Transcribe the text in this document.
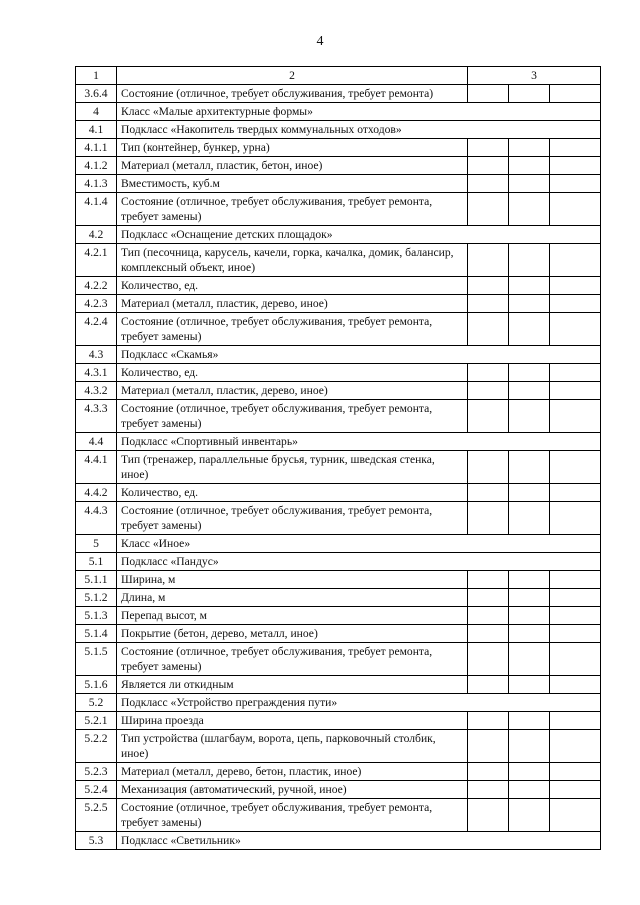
4
1	2	3		
3.6.4	Состояние (отличное, требует обслуживания, требует ремонта)			
4	Класс «Малые архитектурные формы»			
4.1	Подкласс «Накопитель твердых коммунальных отходов»			
4.1.1	Тип (контейнер, бункер, урна)			
4.1.2	Материал (металл, пластик, бетон, иное)			
4.1.3	Вместимость, куб.м			
4.1.4	Состояние (отличное, требует обслуживания, требует ремонта, требует замены)			
4.2	Подкласс «Оснащение детских площадок»			
4.2.1	Тип (песочница, карусель, качели, горка, качалка, домик, балансир, комплексный объект, иное)			
4.2.2	Количество, ед.			
4.2.3	Материал (металл, пластик, дерево, иное)			
4.2.4	Состояние (отличное, требует обслуживания, требует ремонта, требует замены)			
4.3	Подкласс «Скамья»			
4.3.1	Количество, ед.			
4.3.2	Материал (металл, пластик, дерево, иное)			
4.3.3	Состояние (отличное, требует обслуживания, требует ремонта, требует замены)			
4.4	Подкласс «Спортивный инвентарь»			
4.4.1	Тип (тренажер, параллельные брусья, турник, шведская стенка, иное)			
4.4.2	Количество, ед.			
4.4.3	Состояние (отличное, требует обслуживания, требует ремонта, требует замены)			
5	Класс «Иное»			
5.1	Подкласс «Пандус»			
5.1.1	Ширина, м			
5.1.2	Длина, м			
5.1.3	Перепад высот, м			
5.1.4	Покрытие (бетон, дерево, металл, иное)			
5.1.5	Состояние (отличное, требует обслуживания, требует ремонта, требует замены)			
5.1.6	Является ли откидным			
5.2	Подкласс «Устройство преграждения пути»			
5.2.1	Ширина проезда			
5.2.2	Тип устройства (шлагбаум, ворота, цепь, парковочный столбик, иное)			
5.2.3	Материал (металл, дерево, бетон, пластик, иное)			
5.2.4	Механизация (автоматический, ручной, иное)			
5.2.5	Состояние (отличное, требует обслуживания, требует ремонта, требует замены)			
5.3	Подкласс «Светильник»			
